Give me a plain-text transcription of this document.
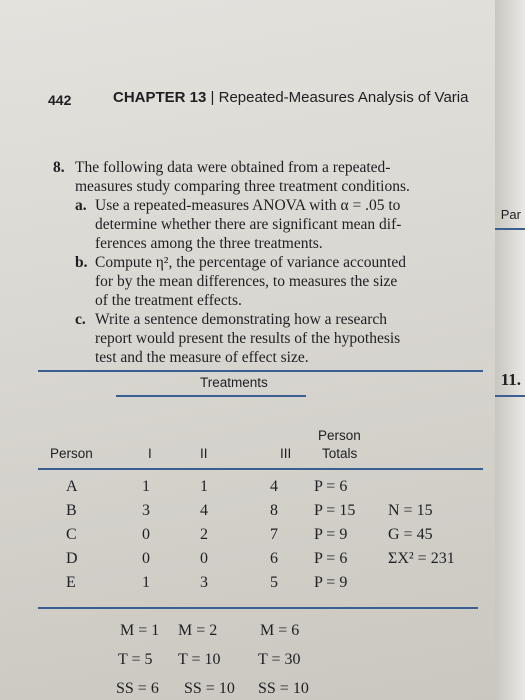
442	CHAPTER 13 | Repeated-Measures Analysis of Varia
Par
11.
8. The following data were obtained from a repeated-
measures study comparing three treatment conditions.
a. Use a repeated-measures ANOVA with α = .05 to
determine whether there are significant mean dif-
ferences among the three treatments.
b. Compute η², the percentage of variance accounted
for by the mean differences, to measures the size
of the treatment effects.
c. Write a sentence demonstrating how a research
report would present the results of the hypothesis
test and the measure of effect size.
Treatments
Person
Totals
Person	I	II	III
A	1	1	4 P = 6
B	3	4	8 P = 15 N = 15
C	0	2	7 P = 9	G = 45
D	0	0	6 P = 6	ΣX² = 231
E	1	3	5 P = 9
M = 1 M = 2	M = 6
T = 5 T = 10 T = 30
SS = 6 SS = 10 SS = 10
